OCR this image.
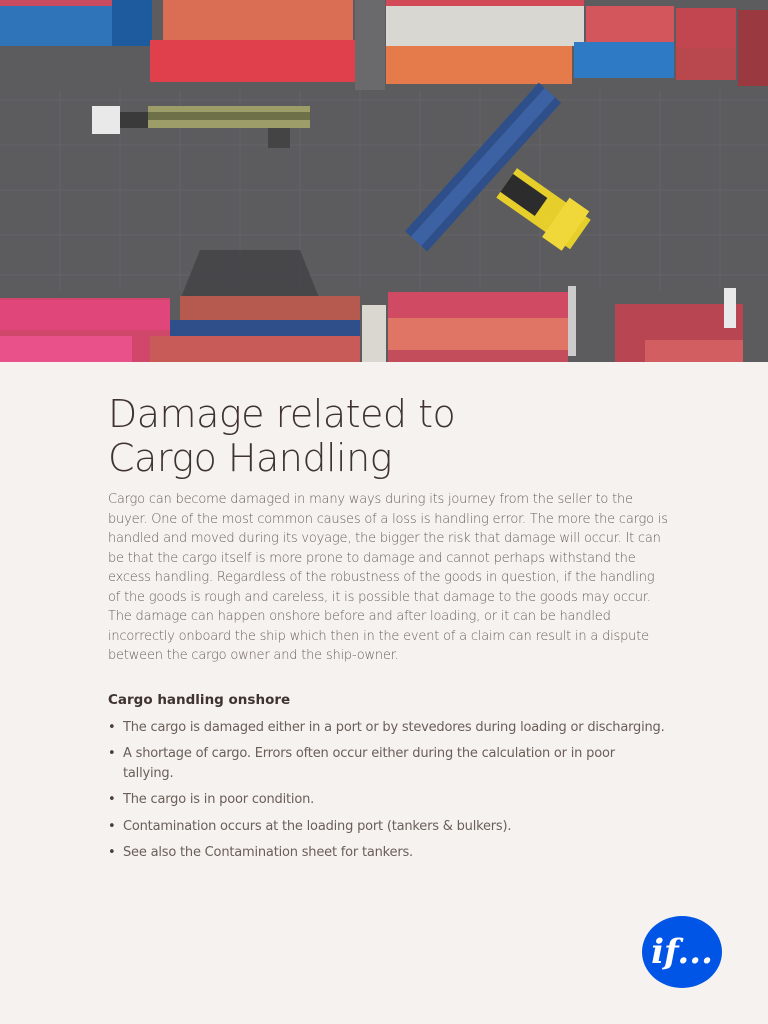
Damage related to
Cargo Handling

Cargo can become damaged in many ways during its journey from the seller to the buyer. One of the most common causes of a loss is handling error. The more the cargo is handled and moved during its voyage, the bigger the risk that damage will occur. It can be that the cargo itself is more prone to damage and cannot perhaps withstand the excess handling. Regardless of the robustness of the goods in question, if the handling of the goods is rough and careless, it is possible that damage to the goods may occur. The damage can happen onshore before and after loading, or it can be handled incorrectly onboard the ship which then in the event of a claim can result in a dispute between the cargo owner and the ship-owner.

Cargo handling onshore
• The cargo is damaged either in a port or by stevedores during loading or discharging.
• A shortage of cargo. Errors often occur either during the calculation or in poor tallying.
• The cargo is in poor condition.
• Contamination occurs at the loading port (tankers & bulkers).
• See also the Contamination sheet for tankers.
if...
